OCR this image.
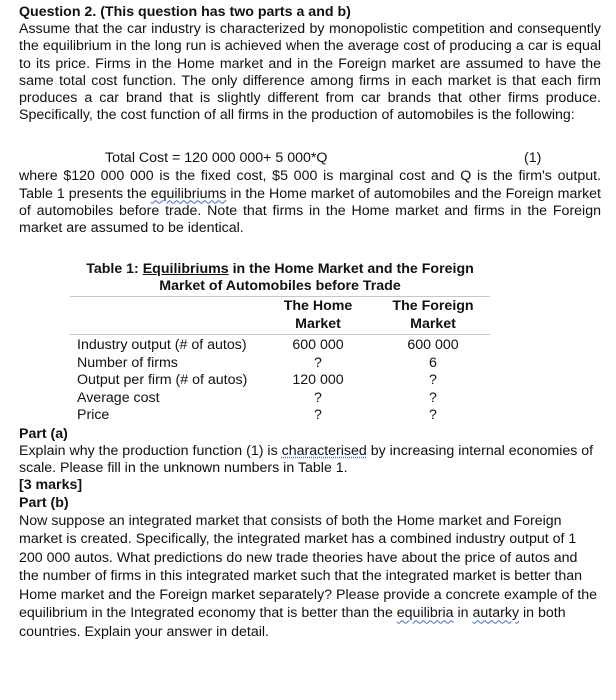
Question 2. (This question has two parts a and b)

Assume that the car industry is characterized by monopolistic competition and consequently the equilibrium in the long run is achieved when the average cost of producing a car is equal to its price. Firms in the Home market and in the Foreign market are assumed to have the same total cost function. The only difference among firms in each market is that each firm produces a car brand that is slightly different from car brands that other firms produce. Specifically, the cost function of all firms in the production of automobiles is the following:

Total Cost = 120 000 000+ 5 000*Q	(1)

where $120 000 000 is the fixed cost, $5 000 is marginal cost and Q is the firm's output. Table 1 presents the equilibriums in the Home market of automobiles and the Foreign market of automobiles before trade. Note that firms in the Home market and firms in the Foreign market are assumed to be identical.

Table 1: Equilibriums in the Home Market and the Foreign Market of Automobiles before Trade
	The Home Market	The Foreign Market
Industry output (# of autos)	600 000	600 000
Number of firms	?	6
Output per firm (# of autos)	120 000	?
Average cost	?	?
Price	?	?

Part (a)

Explain why the production function (1) is characterised by increasing internal economies of scale. Please fill in the unknown numbers in Table 1.

[3 marks]

Part (b)

Now suppose an integrated market that consists of both the Home market and Foreign market is created. Specifically, the integrated market has a combined industry output of 1 200 000 autos. What predictions do new trade theories have about the price of autos and the number of firms in this integrated market such that the integrated market is better than Home market and the Foreign market separately? Please provide a concrete example of the equilibrium in the Integrated economy that is better than the equilibria in autarky in both countries. Explain your answer in detail.
